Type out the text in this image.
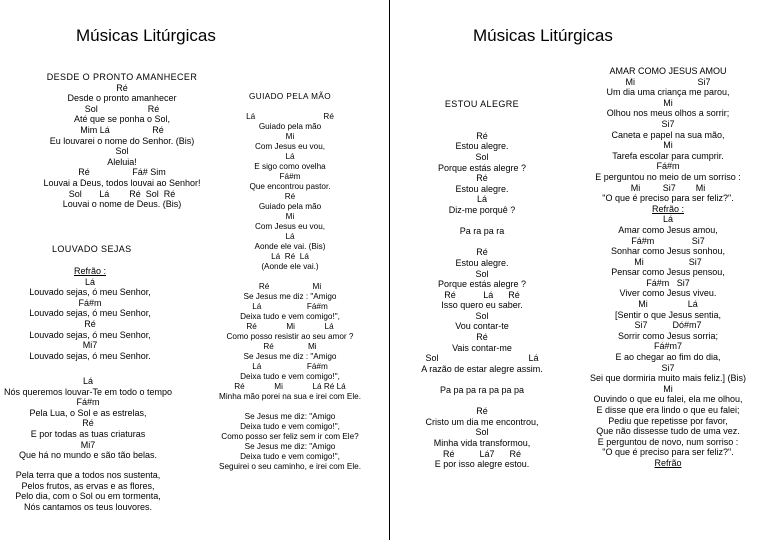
Músicas Litúrgicas	Músicas Litúrgicas
DESDE O PRONTO AMANHECER
Ré
Desde o pronto amanhecer
Sol                    Ré
Até que se ponha o Sol,
Mim Lá                 Ré
Eu louvarei o nome do Senhor. (Bis)
Sol
Aleluia!
Ré                 Fá# Sim
Louvai a Deus, todos louvai ao Senhor!
Sol       Lá        Ré  Sol  Ré
Louvai o nome de Deus. (Bis)
LOUVADO SEJAS
Refrão :
Lá
Louvado sejas, ó meu Senhor,
Fá#m
Louvado sejas, ó meu Senhor,
Ré
Louvado sejas, ó meu Senhor,
Mi7
Louvado sejas, ó meu Senhor.
Lá
Nós queremos louvar-Te em todo o tempo
Fá#m
Pela Lua, o Sol e as estrelas,
Ré
E por todas as tuas criaturas
Mi7
Que há no mundo e são tão belas.
Pela terra que a todos nos sustenta,
Pelos frutos, as ervas e as flores,
Pelo dia, com o Sol ou em tormenta,
Nós cantamos os teus louvores.
GUIADO PELA MÃO
Lá                              Ré
Guiado pela mão
Mi
Com Jesus eu vou,
Lá
E sigo como ovelha
Fá#m
Que encontrou pastor.
Ré
Guiado pela mão
Mi
Com Jesus eu vou,
Lá
Aonde ele vai. (Bis)
Lá  Ré  Lá
(Aonde ele vai.)
Ré                   Mi
Se Jesus me diz : "Amigo
Lá                    Fá#m
Deixa tudo e vem comigo!",
Ré             Mi             Lá
Como posso resistir ao seu amor ?
Ré               Mi
Se Jesus me diz : "Amigo
Lá                    Fá#m
Deixa tudo e vem comigo!",
Ré             Mi             Lá Ré Lá
Minha mão porei na sua e irei com Ele.
Se Jesus me diz: "Amigo
Deixa tudo e vem comigo!",
Como posso ser feliz sem ir com Ele?
Se Jesus me diz: "Amigo
Deixa tudo e vem comigo!",
Seguirei o seu caminho, e irei com Ele.
ESTOU ALEGRE
Ré
Estou alegre.
Sol
Porque estás alegre ?
Ré
Estou alegre.
Lá
Diz-me porquê ?
Pa ra pa ra
Ré
Estou alegre.
Sol
Porque estás alegre ?
Ré           Lá      Ré
Isso quero eu saber.
Sol
Vou contar-te
Ré
Vais contar-me
Sol                                    Lá
A razão de estar alegre assim.
Pa pa pa ra pa pa pa
Ré
Cristo um dia me encontrou,
Sol
Minha vida transformou,
Ré          Lá7      Ré
E por isso alegre estou.
AMAR COMO JESUS AMOU
Mi                         Si7
Um dia uma criança me parou,
Mi
Olhou nos meus olhos a sorrir;
Si7
Caneta e papel na sua mão,
Mi
Tarefa escolar para cumprir.
Fá#m
E perguntou no meio de um sorriso :
Mi         Si7        Mi
"O que é preciso para ser feliz?".
Refrão :
Lá
Amar como Jesus amou,
Fá#m               Si7
Sonhar como Jesus sonhou,
Mi                  Si7
Pensar como Jesus pensou,
Fá#m   Si7
Viver como Jesus viveu.
Mi                Lá
[Sentir o que Jesus sentia,
Si7          Dó#m7
Sorrir como Jesus sorria;
Fá#m7
E ao chegar ao fim do dia,
Si7
Sei que dormiria muito mais feliz.] (Bis)
Mi
Ouvindo o que eu falei, ela me olhou,
E disse que era lindo o que eu falei;
Pediu que repetisse por favor,
Que não dissesse tudo de uma vez.
E perguntou de novo, num sorriso :
"O que é preciso para ser feliz?".
Refrão
